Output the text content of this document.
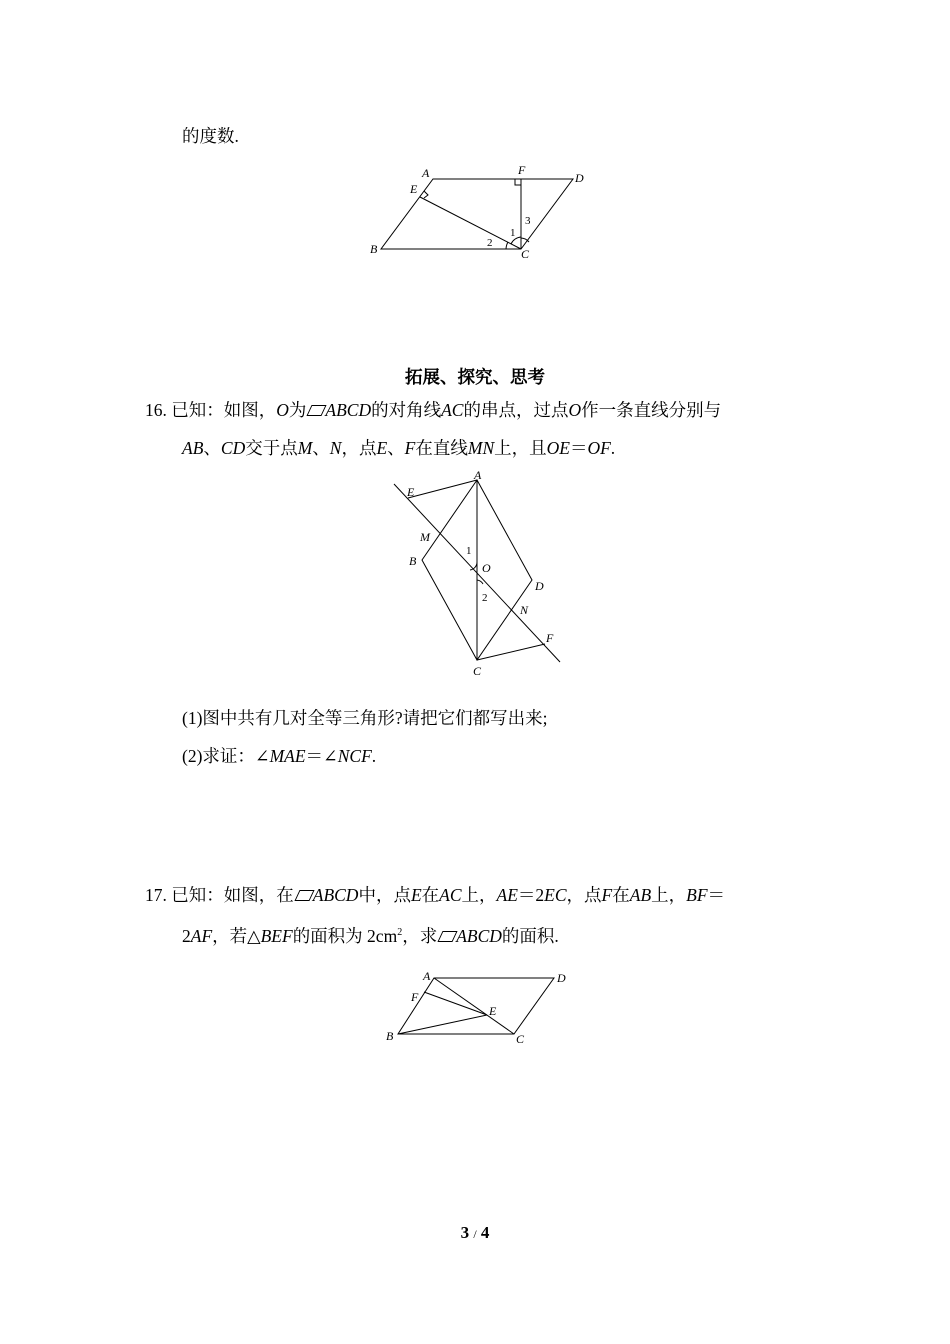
的度数.
A
B	C
D
E
F
1
2
3
拓展、探究、思考
16. 已知：如图，O为 ABCD的对角线AC的串点，过点O作一条直线分别与
AB、CD交于点M、N，点E、F在直线MN上，且OE＝OF.
A
B
C
D
E
F
M
N
O
1
2
(1)图中共有几对全等三角形?请把它们都写出来;
(2)求证：∠MAE＝∠NCF.
17. 已知：如图，在 ABCD中，点E在AC上，AE＝2EC，点F在AB上，BF＝
2AF，若△BEF的面积为 $2cm^2$，求 ABCD的面积.
A
B	C
D
E
F
3 / 4
